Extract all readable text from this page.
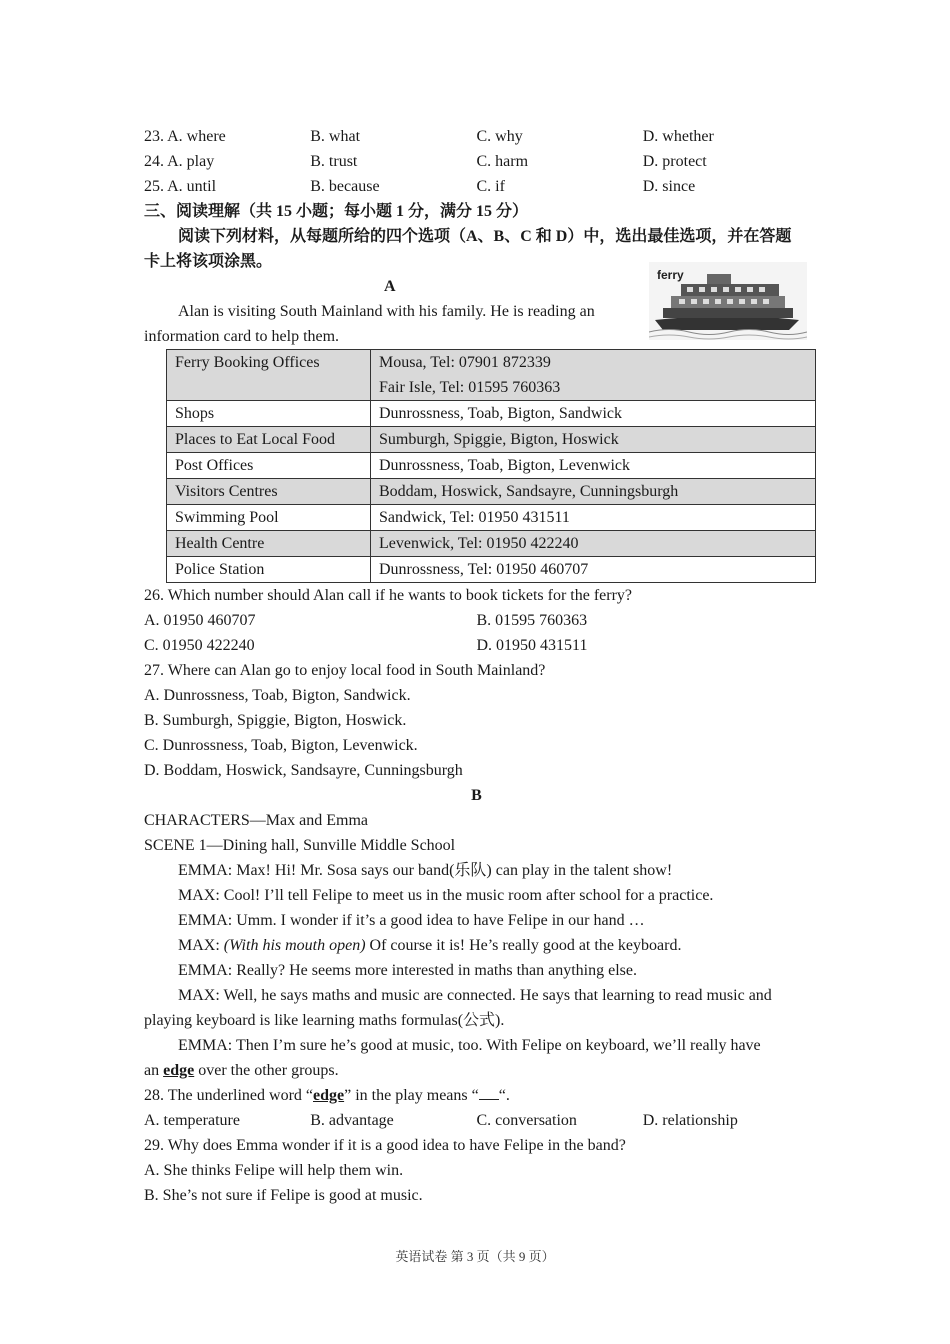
23. A. where	B. what	C. why	D. whether
24. A. play	B. trust	C. harm	D. protect
25. A. until	B. because	C. if	D. since
三、阅读理解（共 15 小题；每小题 1 分，满分 15 分）
阅读下列材料，从每题所给的四个选项（A、B、C 和 D）中，选出最佳选项，并在答题
卡上将该项涂黑。
A
ferry
Alan is visiting South Mainland with his family. He is reading an
information card to help them.
Ferry Booking Offices	Mousa, Tel: 07901 872339
Fair Isle, Tel: 01595 760363

Shops	Dunrossness, Toab, Bigton, Sandwick
Places to Eat Local Food	Sumburgh, Spiggie, Bigton, Hoswick
Post Offices	Dunrossness, Toab, Bigton, Levenwick
Visitors Centres	Boddam, Hoswick, Sandsayre, Cunningsburgh
Swimming Pool	Sandwick, Tel: 01950 431511
Health Centre	Levenwick, Tel: 01950 422240
Police Station	Dunrossness, Tel: 01950 460707
26. Which number should Alan call if he wants to book tickets for the ferry?
A. 01950 460707	B. 01595 760363
C. 01950 422240	D. 01950 431511
27. Where can Alan go to enjoy local food in South Mainland?
A. Dunrossness, Toab, Bigton, Sandwick.
B. Sumburgh, Spiggie, Bigton, Hoswick.
C. Dunrossness, Toab, Bigton, Levenwick.
D. Boddam, Hoswick, Sandsayre, Cunningsburgh
B
CHARACTERS—Max and Emma
SCENE 1—Dining hall, Sunville Middle School
EMMA: Max! Hi! Mr. Sosa says our band(乐队) can play in the talent show!
MAX: Cool! I’ll tell Felipe to meet us in the music room after school for a practice.
EMMA: Umm. I wonder if it’s a good idea to have Felipe in our hand …
MAX: (With his mouth open) Of course it is! He’s really good at the keyboard.
EMMA: Really? He seems more interested in maths than anything else.
MAX: Well, he says maths and music are connected. He says that learning to read music and
playing keyboard is like learning maths formulas(公式).
EMMA: Then I’m sure he’s good at music, too. With Felipe on keyboard, we’ll really have
an edge over the other groups.
28. The underlined word “edge” in the play means “ “.
A. temperature	B. advantage	C. conversation	D. relationship
29. Why does Emma wonder if it is a good idea to have Felipe in the band?
A. She thinks Felipe will help them win.
B. She’s not sure if Felipe is good at music.
英语试卷 第 3 页（共 9 页）
